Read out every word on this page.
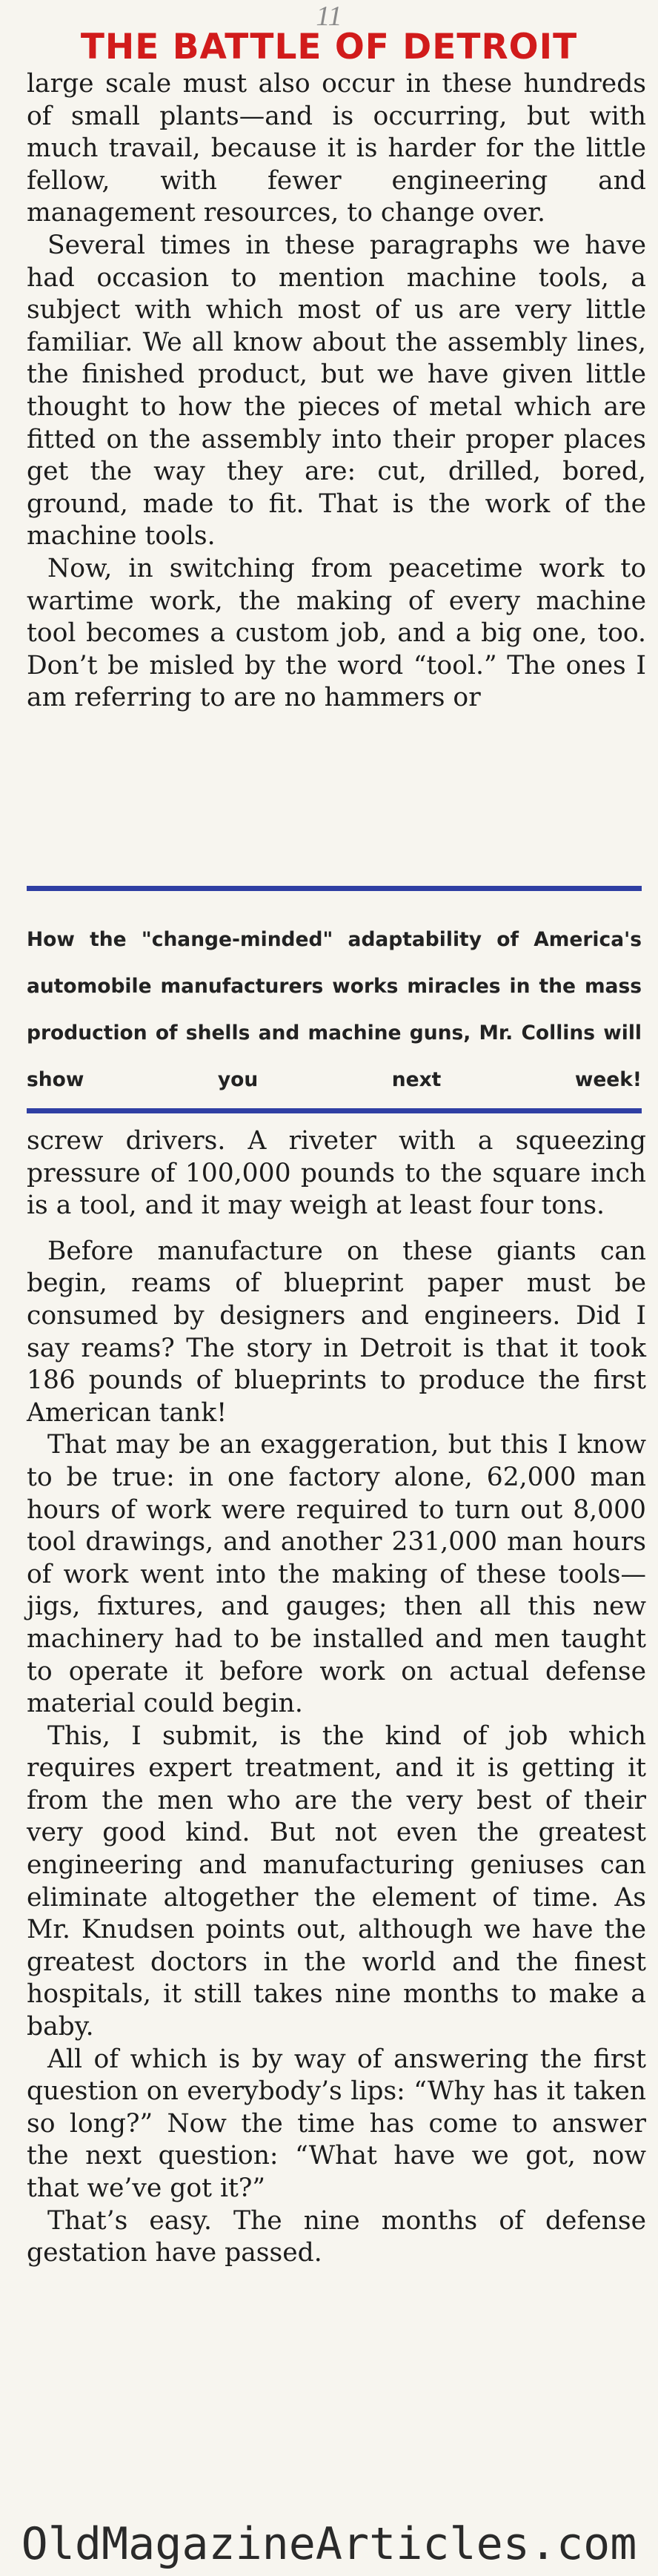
11
THE BATTLE OF DETROIT

large scale must also occur in these hundreds of small plants—and is occurring, but with much travail, because it is harder for the little fellow, with fewer engineering and management resources, to change over.

Several times in these paragraphs we have had occasion to mention machine tools, a subject with which most of us are very little familiar. We all know about the assembly lines, the finished product, but we have given little thought to how the pieces of metal which are fitted on the assembly into their proper places get the way they are: cut, drilled, bored, ground, made to fit. That is the work of the machine tools.

Now, in switching from peacetime work to wartime work, the making of every machine tool becomes a custom job, and a big one, too. Don’t be misled by the word “tool.” The ones I am referring to are no hammers or

How the "change-minded" adaptability of America's automobile manufacturers works miracles in the mass production of shells and machine guns, Mr. Collins will show you next week!

screw drivers. A riveter with a squeezing pressure of 100,000 pounds to the square inch is a tool, and it may weigh at least four tons.

Before manufacture on these giants can begin, reams of blueprint paper must be consumed by designers and engineers. Did I say reams? The story in Detroit is that it took 186 pounds of blueprints to produce the first American tank!

That may be an exaggeration, but this I know to be true: in one factory alone, 62,000 man hours of work were required to turn out 8,000 tool drawings, and another 231,000 man hours of work went into the making of these tools—jigs, fixtures, and gauges; then all this new machinery had to be installed and men taught to operate it before work on actual defense material could begin.

This, I submit, is the kind of job which requires expert treatment, and it is getting it from the men who are the very best of their very good kind. But not even the greatest engineering and manufacturing geniuses can eliminate altogether the element of time. As Mr. Knudsen points out, although we have the greatest doctors in the world and the finest hospitals, it still takes nine months to make a baby.

All of which is by way of answering the first question on everybody’s lips: “Why has it taken so long?” Now the time has come to answer the next question: “What have we got, now that we’ve got it?”

That’s easy. The nine months of defense gestation have passed.

OldMagazineArticles.com
